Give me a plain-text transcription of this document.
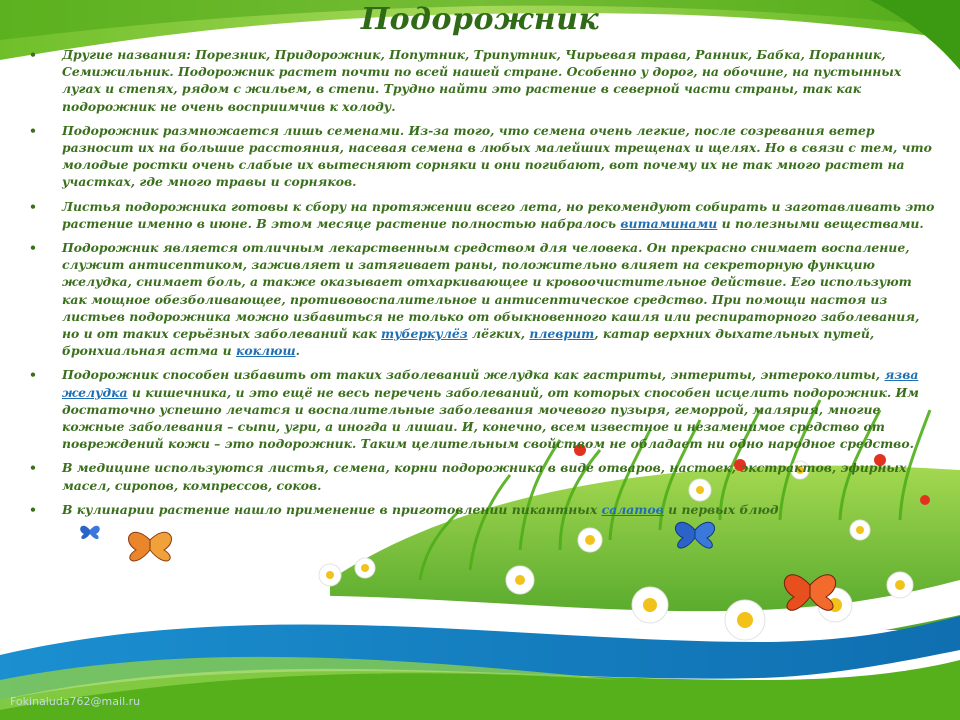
Подорожник
• Другие названия: Порезник, Придорожник, Попутник, Трипутник, Чирьевая трава, Ранник, Бабка, Поранник, Семижильник. Подорожник растет почти по всей нашей стране. Особенно у дорог, на обочине, на пустынных лугах и степях, рядом с жильем, в степи. Трудно найти это растение в северной части страны, так как подорожник не очень восприимчив к холоду.
• Подорожник размножается лишь семенами. Из-за того, что семена очень легкие, после созревания ветер разносит их на большие расстояния, насевая семена в любых малейших трещенах и щелях. Но в связи с тем, что молодые ростки очень слабые их вытесняют сорняки и они погибают, вот почему их не так много растет на участках, где много травы и сорняков.
• Листья подорожника готовы к сбору на протяжении всего лета, но рекомендуют собирать и заготавливать это растение именно в июне. В этом месяце растение полностью набралось витаминами и полезными веществами.
• Подорожник является отличным лекарственным средством для человека. Он прекрасно снимает воспаление, служит антисептиком, заживляет и затягивает раны, положительно влияет на секреторную функцию желудка, снимает боль, а также оказывает отхаркивающее и кровоочистительное действие. Его используют как мощное обезболивающее, противовоспалительное и антисептическое средство. При помощи настоя из листьев подорожника можно избавиться не только от обыкновенного кашля или респираторного заболевания, но и от таких серьёзных заболеваний как туберкулёз лёгких, плеврит, катар верхних дыхательных путей, бронхиальная астма и коклюш.
• Подорожник способен избавить от таких заболеваний желудка как гастриты, энтериты, энтероколиты, язва желудка и кишечника, и это ещё не весь перечень заболеваний, от которых способен исцелить подорожник. Им достаточно успешно лечатся и воспалительные заболевания мочевого пузыря, геморрой, малярия, многие кожные заболевания – сыпи, угри, а иногда и лишаи. И, конечно, всем известное и незаменимое средство от повреждений кожи – это подорожник. Таким целительным свойством не обладает ни одно народное средство.
• В медицине используются листья, семена, корни подорожника в виде отваров, настоек, экстрактов, эфирных масел, сиропов, компрессов, соков.
• В кулинарии растение нашло применение в приготовлении пикантных салатов и первых блюд
Fokinaluda762@mail.ru
